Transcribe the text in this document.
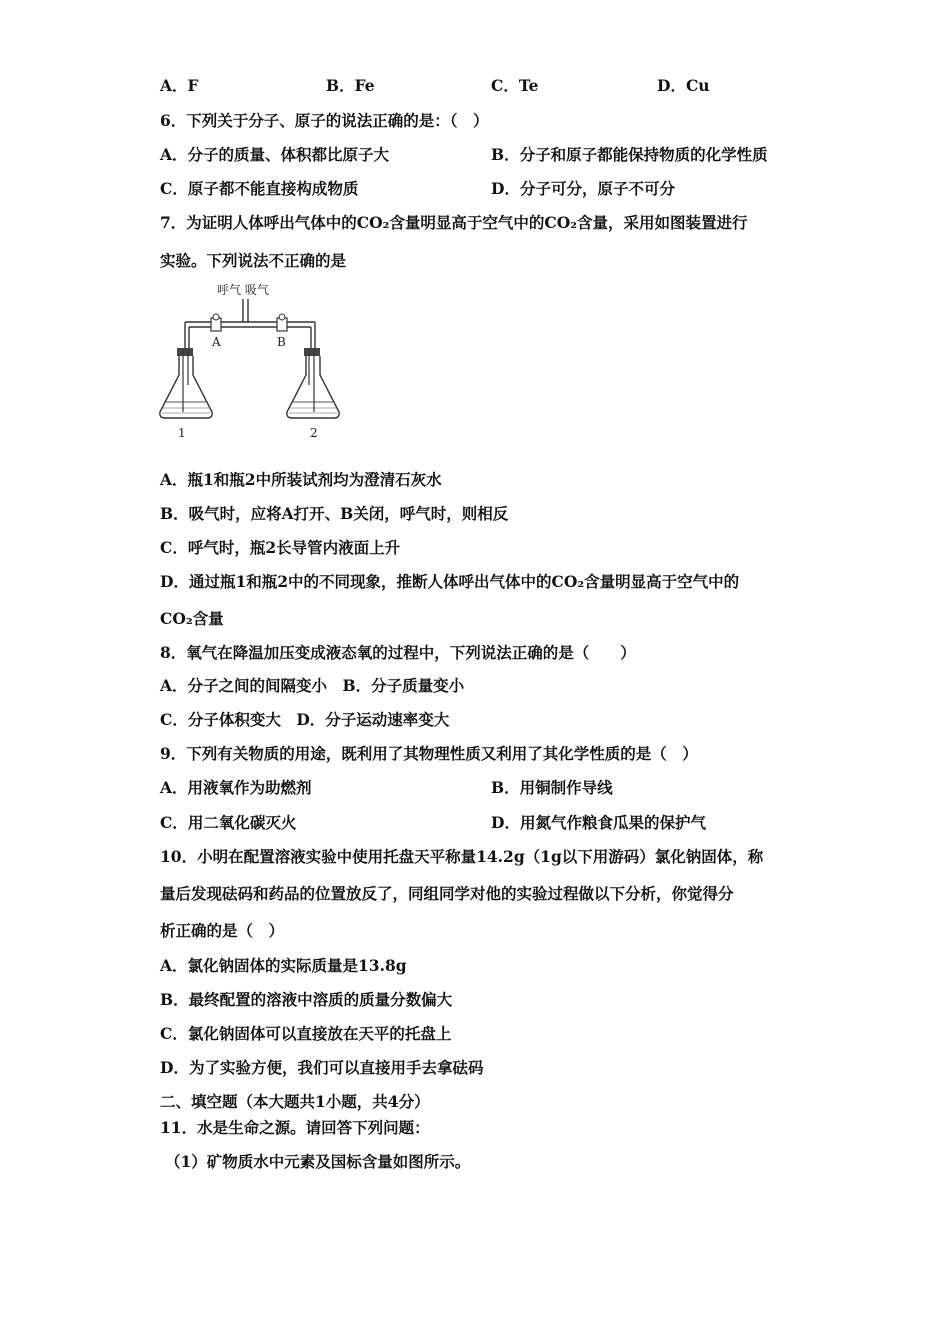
A．F	B．Fe	C．Te	D．Cu
6．下列关于分子、原子的说法正确的是：（　）
A．分子的质量、体积都比原子大	B．分子和原子都能保持物质的化学性质
C．原子都不能直接构成物质	D．分子可分，原子不可分
7．为证明人体呼出气体中的CO₂含量明显高于空气中的CO₂含量，采用如图装置进行
实验。下列说法不正确的是
呼气 吸气
A	B
1	2
A．瓶1和瓶2中所装试剂均为澄清石灰水
B．吸气时，应将A打开、B关闭，呼气时，则相反
C．呼气时，瓶2长导管内液面上升
D．通过瓶1和瓶2中的不同现象，推断人体呼出气体中的CO₂含量明显高于空气中的
CO₂含量
8．氧气在降温加压变成液态氧的过程中，下列说法正确的是（　　）
A．分子之间的间隔变小　B．分子质量变小
C．分子体积变大　D．分子运动速率变大
9．下列有关物质的用途，既利用了其物理性质又利用了其化学性质的是（　）
A．用液氧作为助燃剂	B．用铜制作导线
C．用二氧化碳灭火	D．用氮气作粮食瓜果的保护气
10．小明在配置溶液实验中使用托盘天平称量14.2g（1g以下用游码）氯化钠固体，称
量后发现砝码和药品的位置放反了，同组同学对他的实验过程做以下分析，你觉得分
析正确的是（　）
A．氯化钠固体的实际质量是13.8g
B．最终配置的溶液中溶质的质量分数偏大
C．氯化钠固体可以直接放在天平的托盘上
D．为了实验方便，我们可以直接用手去拿砝码
二、填空题（本大题共1小题，共4分）
11．水是生命之源。请回答下列问题：
（1）矿物质水中元素及国标含量如图所示。
